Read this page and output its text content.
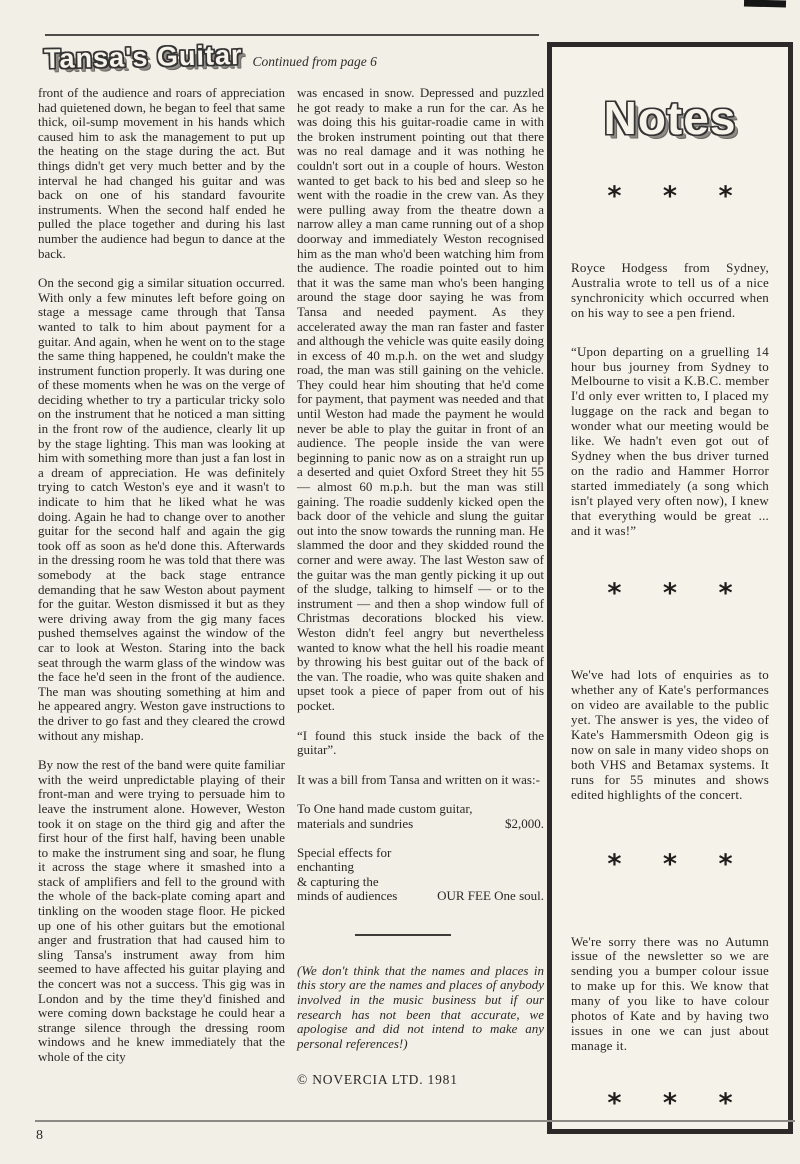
Tansa's Guitar Continued from page 6

front of the audience and roars of appreciation had quietened down, he began to feel that same thick, oil-sump movement in his hands which caused him to ask the management to put up the heating on the stage during the act. But things didn't get very much better and by the interval he had changed his guitar and was back on one of his standard favourite instruments. When the second half ended he pulled the place together and during his last number the audience had begun to dance at the back.

On the second gig a similar situation occurred. With only a few minutes left before going on stage a message came through that Tansa wanted to talk to him about payment for a guitar. And again, when he went on to the stage the same thing happened, he couldn't make the instrument function properly. It was during one of these moments when he was on the verge of deciding whether to try a particular tricky solo on the instrument that he noticed a man sitting in the front row of the audience, clearly lit up by the stage lighting. This man was looking at him with something more than just a fan lost in a dream of appreciation. He was definitely trying to catch Weston's eye and it wasn't to indicate to him that he liked what he was doing. Again he had to change over to another guitar for the second half and again the gig took off as soon as he'd done this. Afterwards in the dressing room he was told that there was somebody at the back stage entrance demanding that he saw Weston about payment for the guitar. Weston dismissed it but as they were driving away from the gig many faces pushed themselves against the window of the car to look at Weston. Staring into the back seat through the warm glass of the window was the face he'd seen in the front of the audience. The man was shouting something at him and he appeared angry. Weston gave instructions to the driver to go fast and they cleared the crowd without any mishap.

By now the rest of the band were quite familiar with the weird unpredictable playing of their front-man and were trying to persuade him to leave the instrument alone. However, Weston took it on stage on the third gig and after the first hour of the first half, having been unable to make the instrument sing and soar, he flung it across the stage where it smashed into a stack of amplifiers and fell to the ground with the whole of the back-plate coming apart and tinkling on the wooden stage floor. He picked up one of his other guitars but the emotional anger and frustration that had caused him to sling Tansa's instrument away from him seemed to have affected his guitar playing and the concert was not a success. This gig was in London and by the time they'd finished and were coming down backstage he could hear a strange silence through the dressing room windows and he knew immediately that the whole of the city

was encased in snow. Depressed and puzzled he got ready to make a run for the car. As he was doing this his guitar-roadie came in with the broken instrument pointing out that there was no real damage and it was nothing he couldn't sort out in a couple of hours. Weston wanted to get back to his bed and sleep so he went with the roadie in the crew van. As they were pulling away from the theatre down a narrow alley a man came running out of a shop doorway and immediately Weston recognised him as the man who'd been watching him from the audience. The roadie pointed out to him that it was the same man who's been hanging around the stage door saying he was from Tansa and needed payment. As they accelerated away the man ran faster and faster and although the vehicle was quite easily doing in excess of 40 m.p.h. on the wet and sludgy road, the man was still gaining on the vehicle. They could hear him shouting that he'd come for payment, that payment was needed and that until Weston had made the payment he would never be able to play the guitar in front of an audience. The people inside the van were beginning to panic now as on a straight run up a deserted and quiet Oxford Street they hit 55 — almost 60 m.p.h. but the man was still gaining. The roadie suddenly kicked open the back door of the vehicle and slung the guitar out into the snow towards the running man. He slammed the door and they skidded round the corner and were away. The last Weston saw of the guitar was the man gently picking it up out of the sludge, talking to himself — or to the instrument — and then a shop window full of Christmas decorations blocked his view. Weston didn't feel angry but nevertheless wanted to know what the hell his roadie meant by throwing his best guitar out of the back of the van. The roadie, who was quite shaken and upset took a piece of paper from out of his pocket.

“I found this stuck inside the back of the guitar”.

It was a bill from Tansa and written on it was:-

To One hand made custom guitar,
materials and sundries	$2,000.
Special effects for
enchanting
& capturing the
minds of audiences	OUR FEE One soul.

(We don't think that the names and places in this story are the names and places of anybody involved in the music business but if our research has not been that accurate, we apologise and did not intend to make any personal references!)

© NOVERCIA LTD. 1981
Notes
* * *

Royce Hodgess from Sydney, Australia wrote to tell us of a nice synchronicity which occurred when on his way to see a pen friend.

“Upon departing on a gruelling 14 hour bus journey from Sydney to Melbourne to visit a K.B.C. member I'd only ever written to, I placed my luggage on the rack and began to wonder what our meeting would be like. We hadn't even got out of Sydney when the bus driver turned on the radio and Hammer Horror started immediately (a song which isn't played very often now), I knew that everything would be great ... and it was!”

* * *

We've had lots of enquiries as to whether any of Kate's performances on video are available to the public yet. The answer is yes, the video of Kate's Hammersmith Odeon gig is now on sale in many video shops on both VHS and Betamax systems. It runs for 55 minutes and shows edited highlights of the concert.

* * *

We're sorry there was no Autumn issue of the newsletter so we are sending you a bumper colour issue to make up for this. We know that many of you like to have colour photos of Kate and by having two issues in one we can just about manage it.

* * *
8
